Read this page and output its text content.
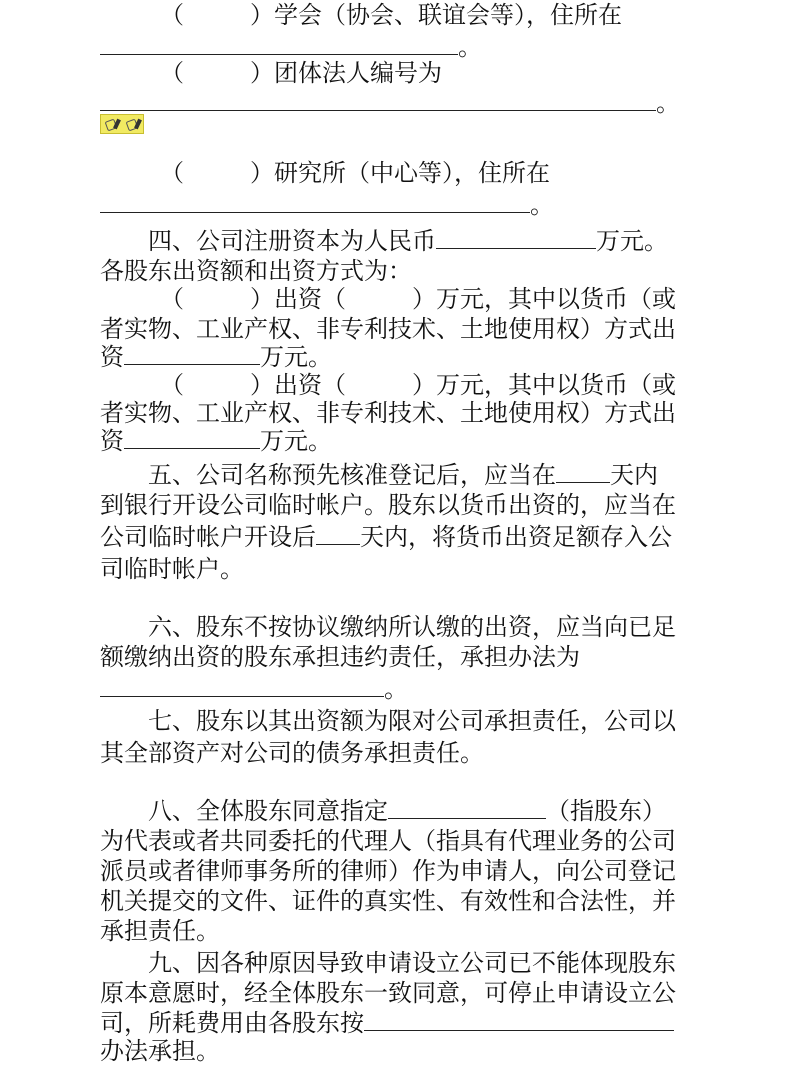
（	）学会（协会、联谊会等），住所在
。
（	）团体法人编号为
。
（	）研究所（中心等），住所在
。
四、公司注册资本为人民币	万元。
各股东出资额和出资方式为：
（	）出资（	）万元，其中以货币（或
者实物、工业产权、非专利技术、土地使用权）方式出
资	万元。
（	）出资（	）万元，其中以货币（或
者实物、工业产权、非专利技术、土地使用权）方式出
资	万元。
五、公司名称预先核准登记后，应当在 天内
到银行开设公司临时帐户。股东以货币出资的，应当在
公司临时帐户开设后 天内，将货币出资足额存入公
司临时帐户。
六、股东不按协议缴纳所认缴的出资，应当向已足
额缴纳出资的股东承担违约责任，承担办法为
。
七、股东以其出资额为限对公司承担责任，公司以
其全部资产对公司的债务承担责任。
八、全体股东同意指定	（指股东）
为代表或者共同委托的代理人（指具有代理业务的公司
派员或者律师事务所的律师）作为申请人，向公司登记
机关提交的文件、证件的真实性、有效性和合法性，并
承担责任。
九、因各种原因导致申请设立公司已不能体现股东
原本意愿时，经全体股东一致同意，可停止申请设立公
司，所耗费用由各股东按
办法承担。
